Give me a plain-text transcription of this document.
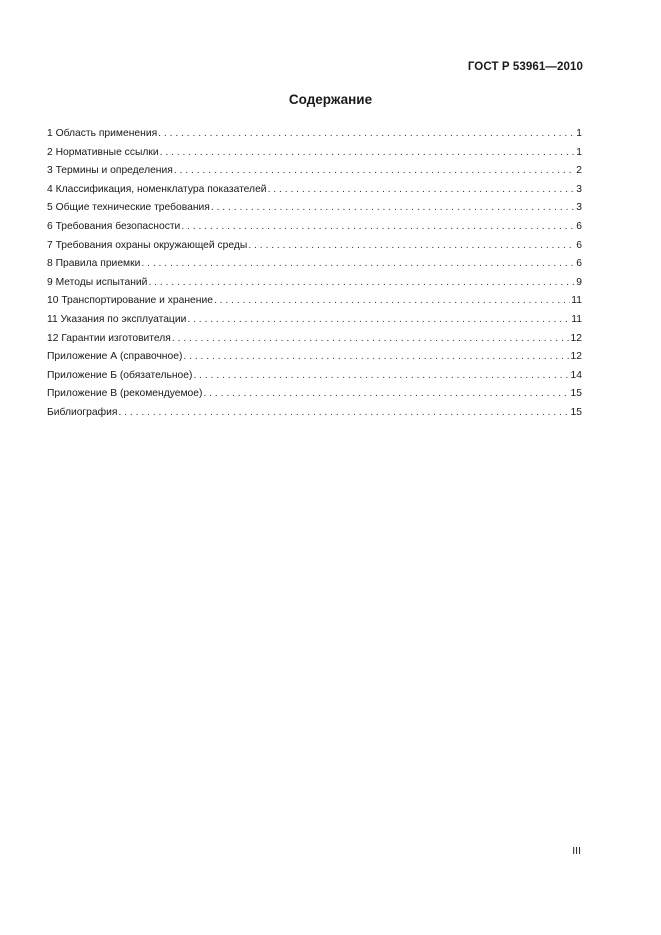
ГОСТ Р 53961—2010
Содержание
1 Область применения . . .	1
2 Нормативные ссылки . . .	1
3 Термины и определения . . .	2
4 Классификация, номенклатура показателей . . .	3
5 Общие технические требования . . .	3
6 Требования безопасности . . .	6
7 Требования охраны окружающей среды . . .	6
8 Правила приемки . . .	6
9 Методы испытаний . . .	9
10 Транспортирование и хранение . . .	11
11 Указания по эксплуатации . . .	11
12 Гарантии изготовителя . . .	12
Приложение А (справочное) . . .	12
Приложение Б (обязательное) . . .	14
Приложение В (рекомендуемое) . . .	15
Библиография . . .	15
III
